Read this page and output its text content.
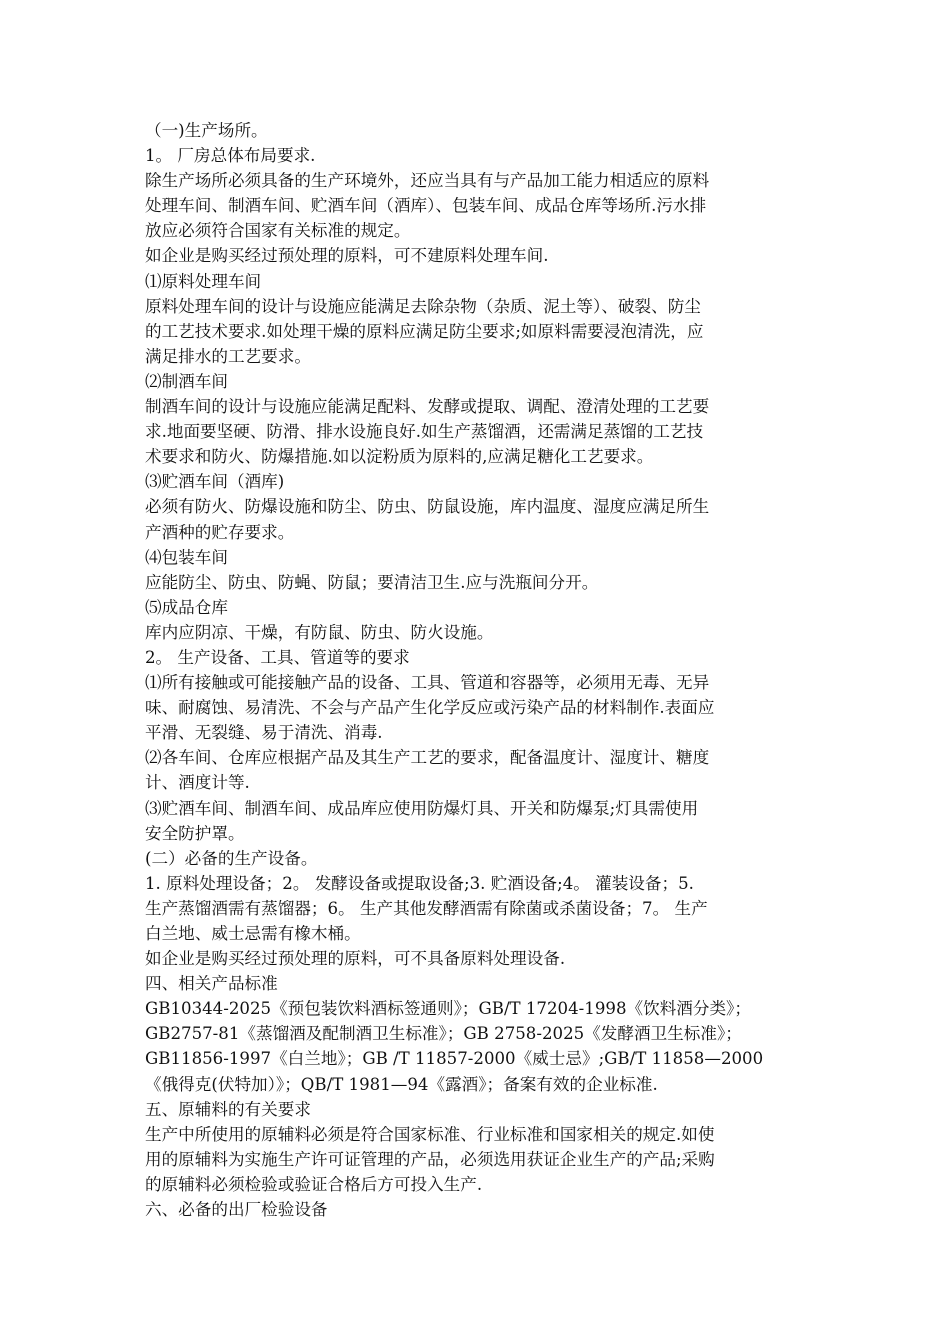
（一)生产场所。
1。 厂房总体布局要求.
除生产场所必须具备的生产环境外，还应当具有与产品加工能力相适应的原料
处理车间、制酒车间、贮酒车间（酒库）、包装车间、成品仓库等场所.污水排
放应必须符合国家有关标准的规定。
如企业是购买经过预处理的原料，可不建原料处理车间.
⑴原料处理车间
原料处理车间的设计与设施应能满足去除杂物（杂质、泥土等）、破裂、防尘
的工艺技术要求.如处理干燥的原料应满足防尘要求;如原料需要浸泡清洗，应
满足排水的工艺要求。
⑵制酒车间
制酒车间的设计与设施应能满足配料、发酵或提取、调配、澄清处理的工艺要
求.地面要坚硬、防滑、排水设施良好.如生产蒸馏酒，还需满足蒸馏的工艺技
术要求和防火、防爆措施.如以淀粉质为原料的,应满足糖化工艺要求。
⑶贮酒车间（酒库)
必须有防火、防爆设施和防尘、防虫、防鼠设施，库内温度、湿度应满足所生
产酒种的贮存要求。
⑷包装车间
应能防尘、防虫、防蝇、防鼠；要清洁卫生.应与洗瓶间分开。
⑸成品仓库
库内应阴凉、干燥，有防鼠、防虫、防火设施。
2。 生产设备、工具、管道等的要求
⑴所有接触或可能接触产品的设备、工具、管道和容器等，必须用无毒、无异
味、耐腐蚀、易清洗、不会与产品产生化学反应或污染产品的材料制作.表面应
平滑、无裂缝、易于清洗、消毒.
⑵各车间、仓库应根据产品及其生产工艺的要求，配备温度计、湿度计、糖度
计、酒度计等.
⑶贮酒车间、制酒车间、成品库应使用防爆灯具、开关和防爆泵;灯具需使用
安全防护罩。
(二）必备的生产设备。
1. 原料处理设备；2。 发酵设备或提取设备;3. 贮酒设备;4。 灌装设备；5.
生产蒸馏酒需有蒸馏器；6。 生产其他发酵酒需有除菌或杀菌设备；7。 生产
白兰地、威士忌需有橡木桶。
如企业是购买经过预处理的原料，可不具备原料处理设备.
四、相关产品标准
GB10344-2025《预包装饮料酒标签通则》；GB/T 17204-1998《饮料酒分类》；
GB2757-81《蒸馏酒及配制酒卫生标准》；GB 2758-2025《发酵酒卫生标准》；
GB11856-1997《白兰地》；GB /T 11857-2000《威士忌》;GB/T 11858—2000
《俄得克(伏特加）》；QB/T 1981—94《露酒》；备案有效的企业标准.
五、原辅料的有关要求
生产中所使用的原辅料必须是符合国家标准、行业标准和国家相关的规定.如使
用的原辅料为实施生产许可证管理的产品，必须选用获证企业生产的产品;采购
的原辅料必须检验或验证合格后方可投入生产.
六、必备的出厂检验设备
